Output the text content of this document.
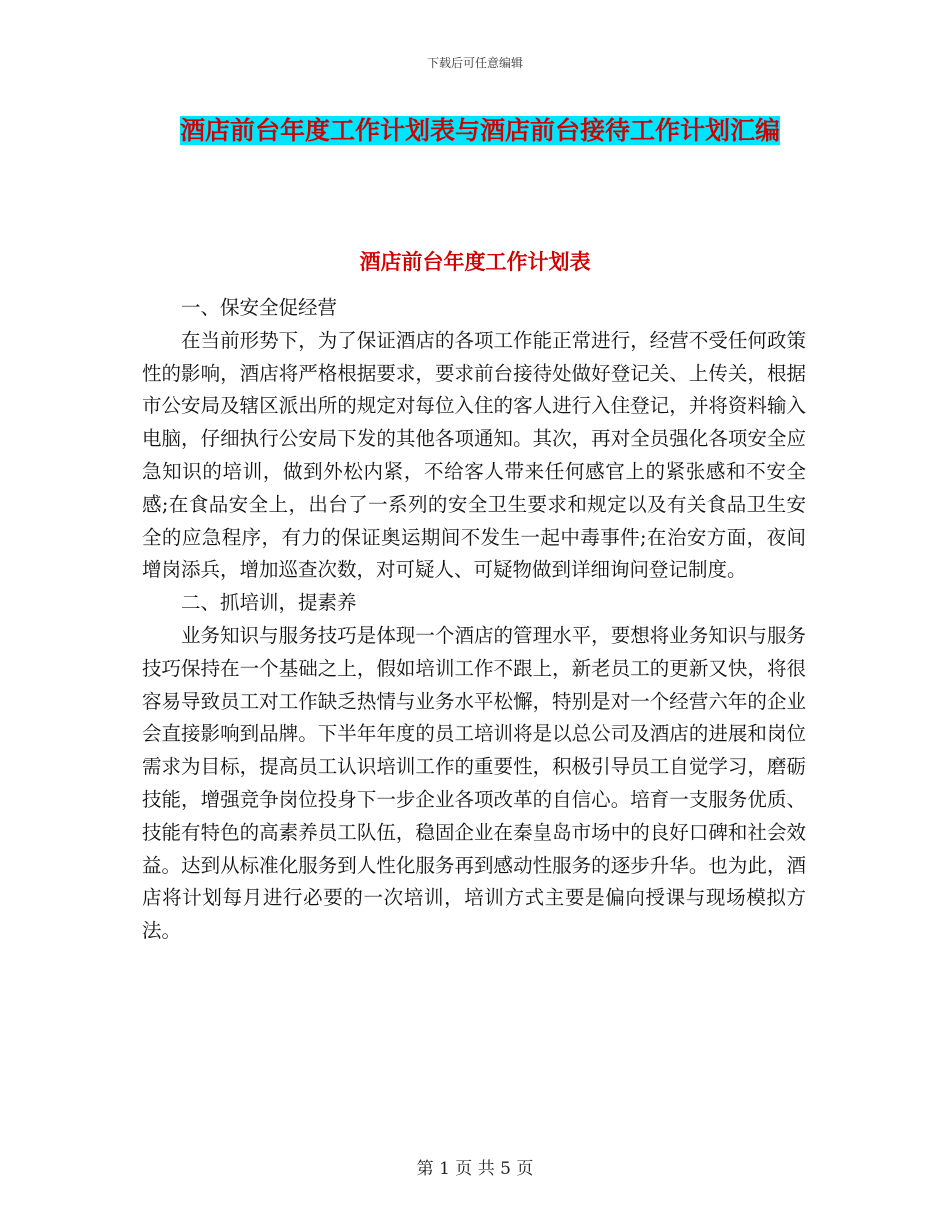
下载后可任意编辑
酒店前台年度工作计划表与酒店前台接待工作计划汇编
酒店前台年度工作计划表

一、保安全促经营

在当前形势下，为了保证酒店的各项工作能正常进行，经营不受任何政策性的影响，酒店将严格根据要求，要求前台接待处做好登记关、上传关，根据市公安局及辖区派出所的规定对每位入住的客人进行入住登记，并将资料输入电脑，仔细执行公安局下发的其他各项通知。其次，再对全员强化各项安全应急知识的培训，做到外松内紧，不给客人带来任何感官上的紧张感和不安全感;在食品安全上，出台了一系列的安全卫生要求和规定以及有关食品卫生安全的应急程序，有力的保证奥运期间不发生一起中毒事件;在治安方面，夜间增岗添兵，增加巡查次数，对可疑人、可疑物做到详细询问登记制度。

二、抓培训，提素养

业务知识与服务技巧是体现一个酒店的管理水平，要想将业务知识与服务技巧保持在一个基础之上，假如培训工作不跟上，新老员工的更新又快，将很容易导致员工对工作缺乏热情与业务水平松懈，特别是对一个经营六年的企业会直接影响到品牌。下半年年度的员工培训将是以总公司及酒店的进展和岗位需求为目标，提高员工认识培训工作的重要性，积极引导员工自觉学习，磨砺技能，增强竞争岗位投身下一步企业各项改革的自信心。培育一支服务优质、技能有特色的高素养员工队伍，稳固企业在秦皇岛市场中的良好口碑和社会效益。达到从标准化服务到人性化服务再到感动性服务的逐步升华。也为此，酒店将计划每月进行必要的一次培训，培训方式主要是偏向授课与现场模拟方法。

第 1 页 共 5 页
